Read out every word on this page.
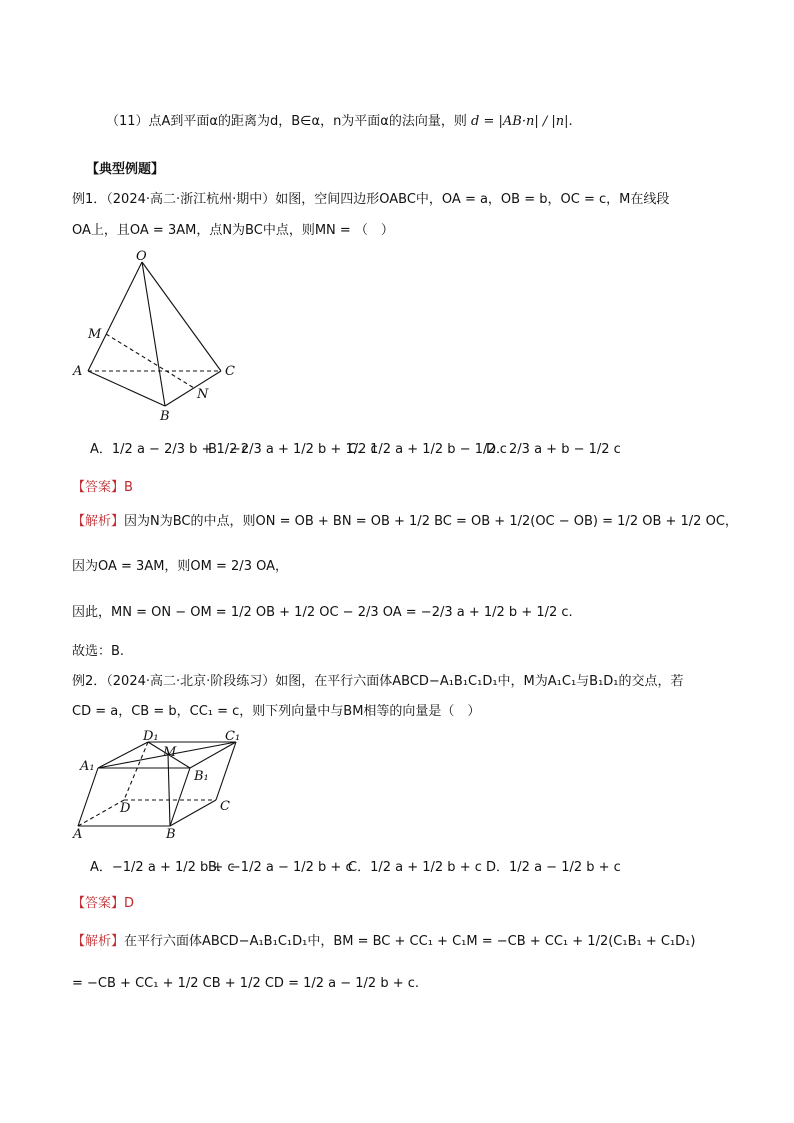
（11）点A到平面α的距离为d，B∈α，n为平面α的法向量，则 d = |AB·n| / |n|.
【典型例题】
例1．（2024·高二·浙江杭州·期中）如图，空间四边形OABC中，OA = a，OB = b，OC = c，M在线段
OA上，且OA = 3AM，点N为BC中点，则MN = （　）
O
M
A	C
B
N
A．1/2 a − 2/3 b + 1/2 c
B．−2/3 a + 1/2 b + 1/2 c
C．1/2 a + 1/2 b − 1/2 c
D．2/3 a + b − 1/2 c
【答案】B
【解析】因为N为BC的中点，则ON = OB + BN = OB + 1/2 BC = OB + 1/2(OC − OB) = 1/2 OB + 1/2 OC，
因为OA = 3AM，则OM = 2/3 OA，
因此，MN = ON − OM = 1/2 OB + 1/2 OC − 2/3 OA = −2/3 a + 1/2 b + 1/2 c.
故选：B.
例2．（2024·高二·北京·阶段练习）如图，在平行六面体ABCD−A₁B₁C₁D₁中，M为A₁C₁与B₁D₁的交点，若
CD = a，CB = b，CC₁ = c，则下列向量中与BM相等的向量是（　）
D₁
M
C₁
A₁
B₁
D	C
A	B
A．−1/2 a + 1/2 b + c
B．−1/2 a − 1/2 b + c
C．1/2 a + 1/2 b + c D．1/2 a − 1/2 b + c
【答案】D
【解析】在平行六面体ABCD−A₁B₁C₁D₁中，BM = BC + CC₁ + C₁M = −CB + CC₁ + 1/2(C₁B₁ + C₁D₁)
= −CB + CC₁ + 1/2 CB + 1/2 CD = 1/2 a − 1/2 b + c.
